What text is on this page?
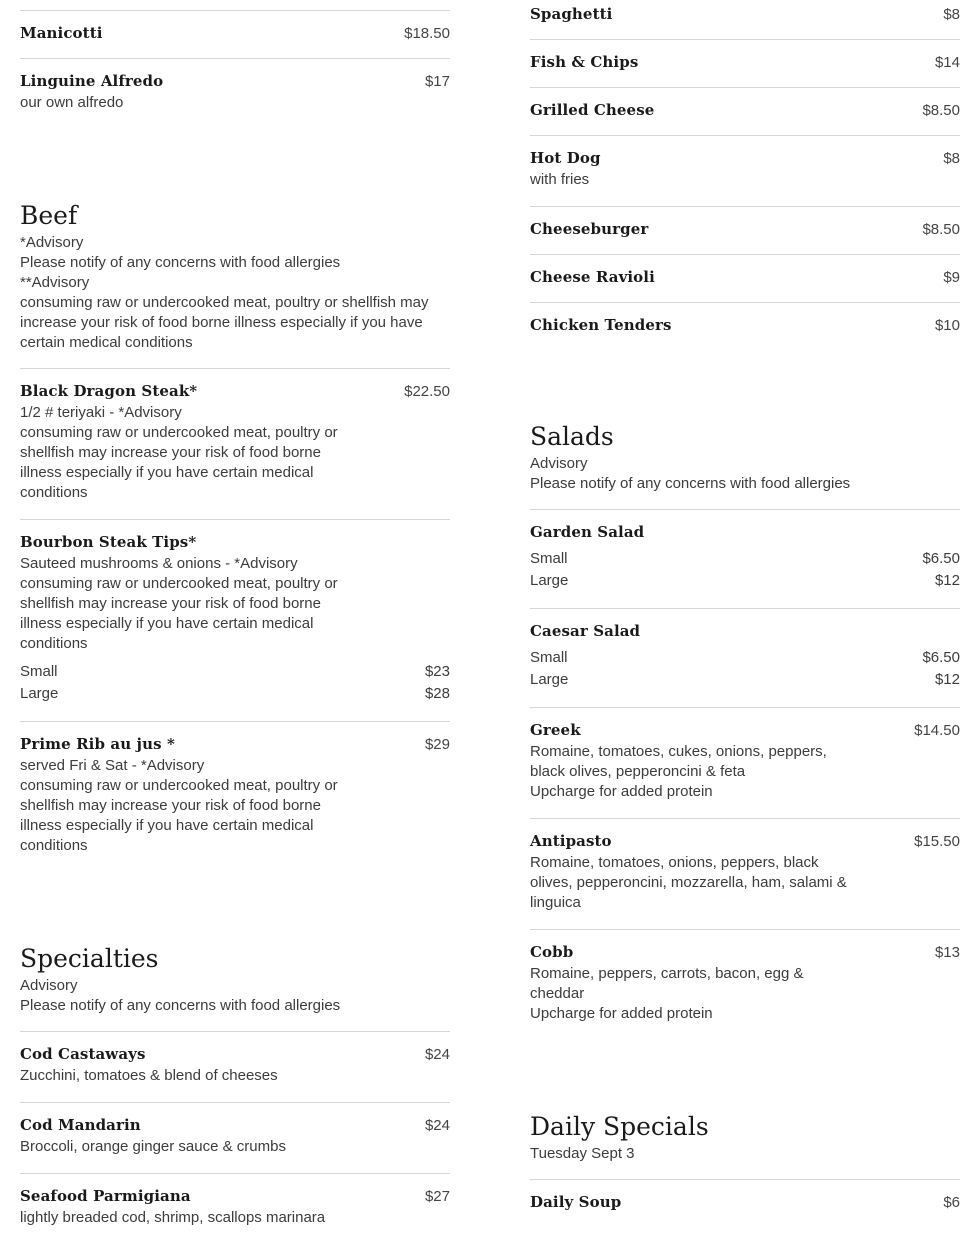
Manicotti	$18.50
Linguine Alfredo	$17
our own alfredo
Beef
*Advisory
Please notify of any concerns with food allergies
**Advisory
consuming raw or undercooked meat, poultry or shellfish may increase your risk of food borne illness especially if you have certain medical conditions
Black Dragon Steak*	$22.50
1/2 # teriyaki - *Advisory
consuming raw or undercooked meat, poultry or shellfish may increase your risk of food borne illness especially if you have certain medical conditions
Bourbon Steak Tips*
Sauteed mushrooms & onions - *Advisory
consuming raw or undercooked meat, poultry or shellfish may increase your risk of food borne illness especially if you have certain medical conditions
Small	$23
Large	$28
Prime Rib au jus *	$29
served Fri & Sat - *Advisory
consuming raw or undercooked meat, poultry or shellfish may increase your risk of food borne illness especially if you have certain medical conditions
Specialties
Advisory
Please notify of any concerns with food allergies
Cod Castaways	$24
Zucchini, tomatoes & blend of cheeses
Cod Mandarin	$24
Broccoli, orange ginger sauce & crumbs
Seafood Parmigiana	$27
lightly breaded cod, shrimp, scallops marinara
Spaghetti	$8
Fish & Chips	$14
Grilled Cheese	$8.50
Hot Dog	$8
with fries
Cheeseburger	$8.50
Cheese Ravioli	$9
Chicken Tenders	$10
Salads
Advisory
Please notify of any concerns with food allergies
Garden Salad
Small	$6.50
Large	$12
Caesar Salad
Small	$6.50
Large	$12
Greek	$14.50
Romaine, tomatoes, cukes, onions, peppers, black olives, pepperoncini & feta
Upcharge for added protein
Antipasto	$15.50
Romaine, tomatoes, onions, peppers, black olives, pepperoncini, mozzarella, ham, salami & linguica
Cobb	$13
Romaine, peppers, carrots, bacon, egg & cheddar
Upcharge for added protein
Daily Specials
Tuesday Sept 3
Daily Soup	$6
